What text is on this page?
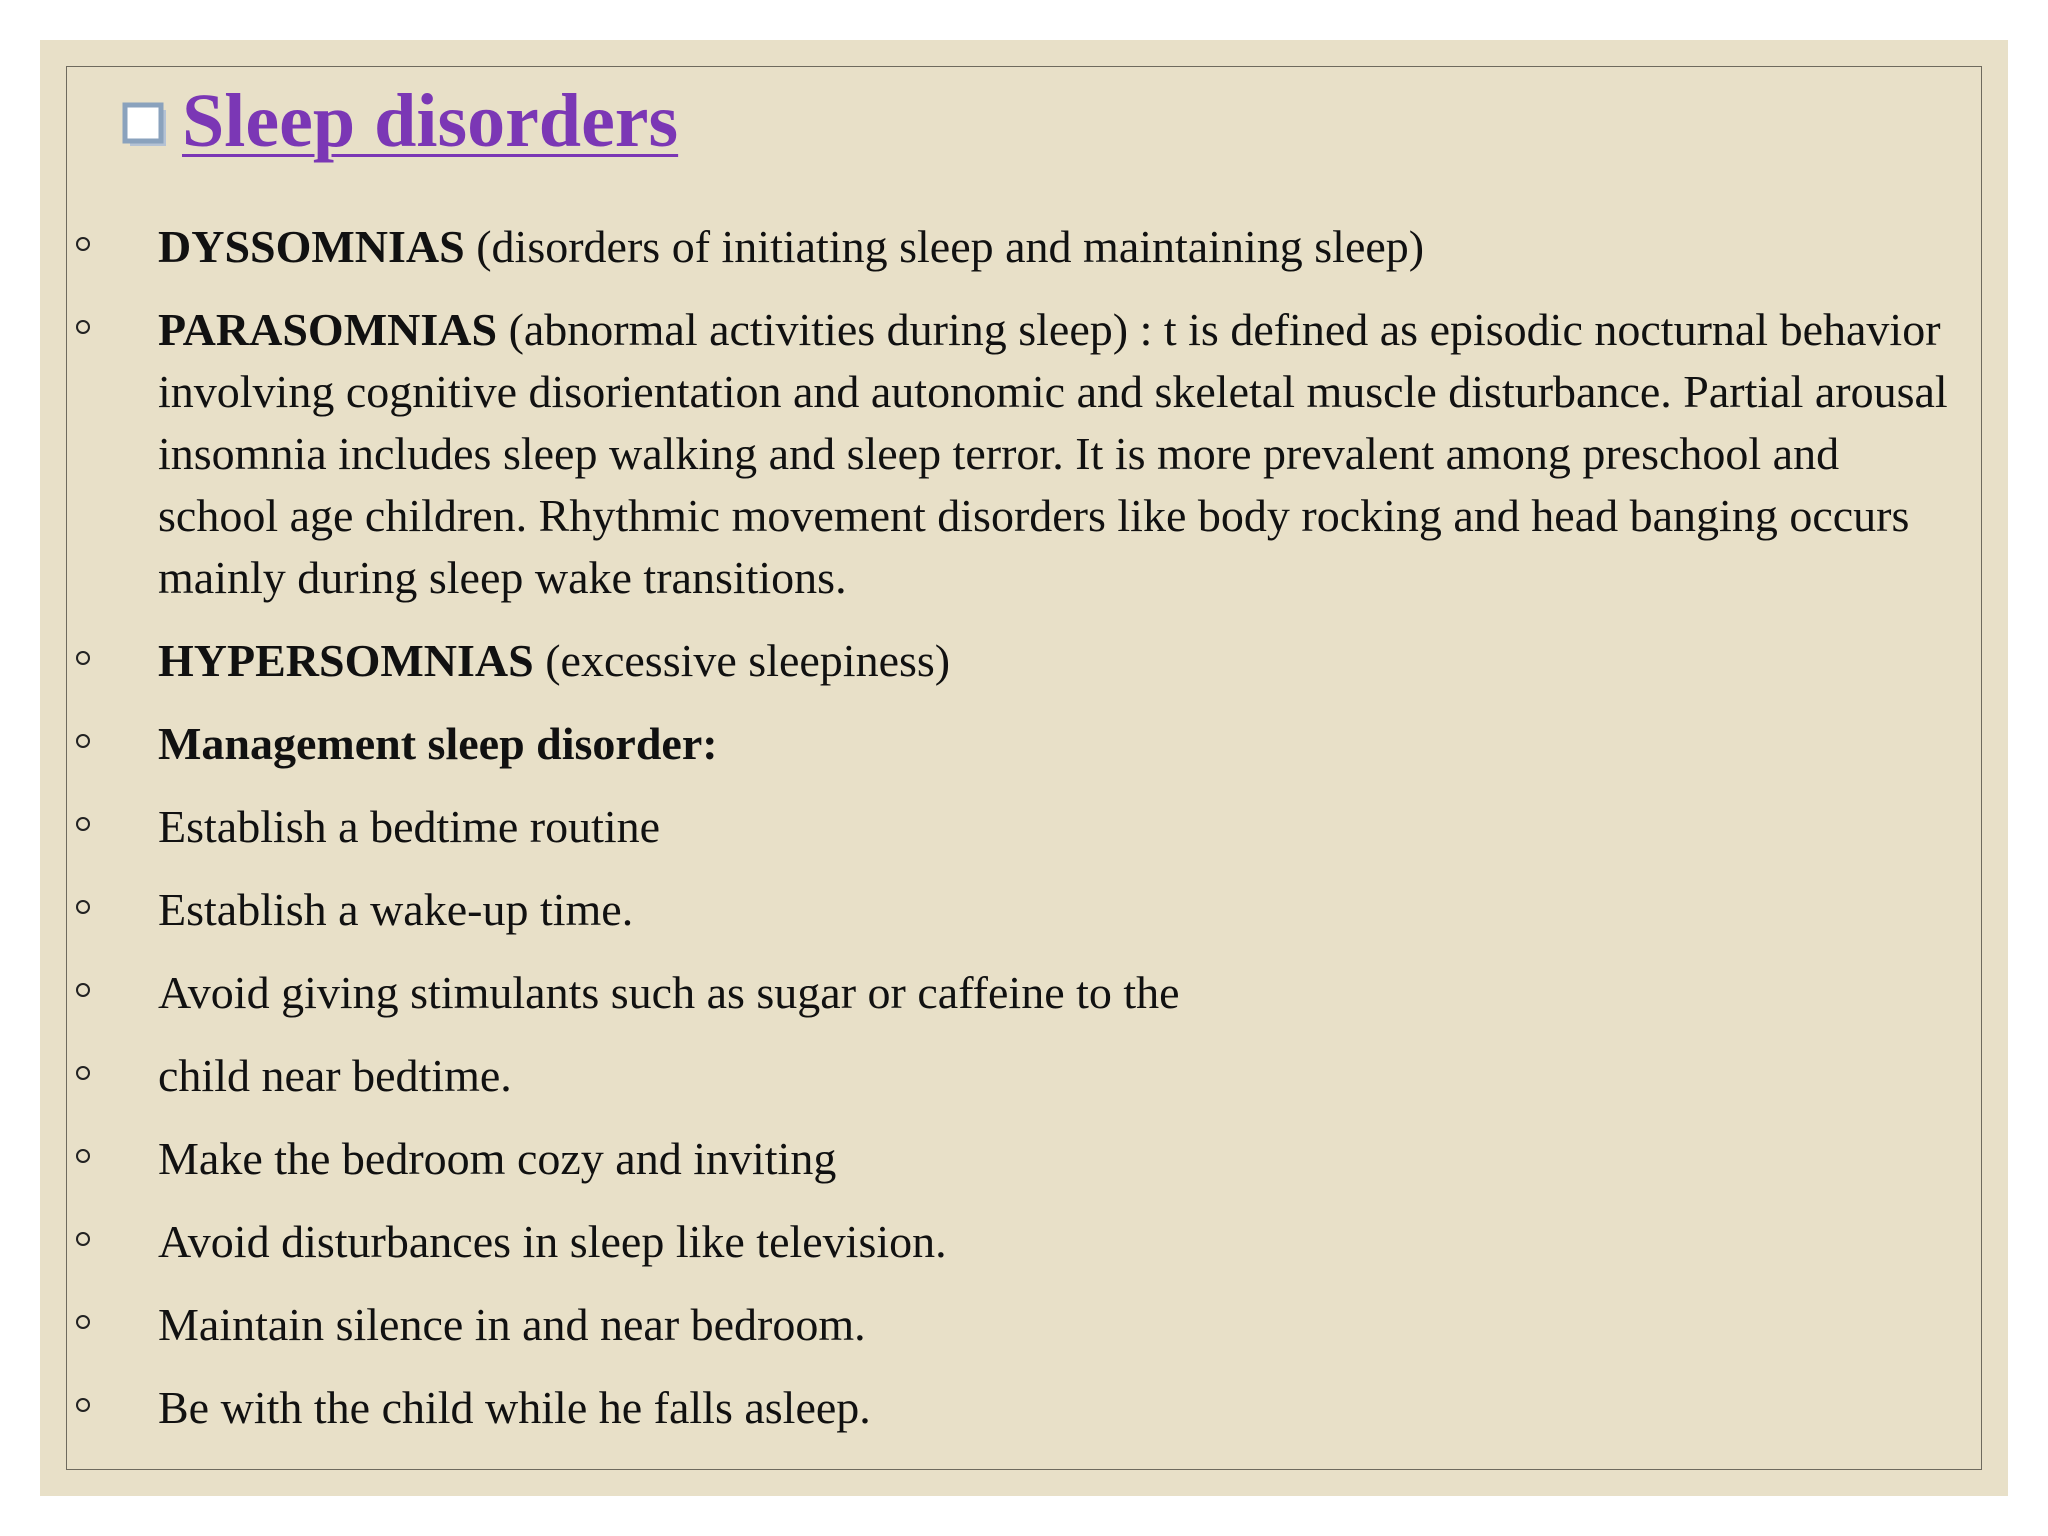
Sleep disorders
DYSSOMNIAS (disorders of initiating sleep and maintaining sleep)
PARASOMNIAS (abnormal activities during sleep) : t is defined as episodic nocturnal behavior involving cognitive disorientation and autonomic and skeletal muscle disturbance. Partial arousal insomnia includes sleep walking and sleep terror. It is more prevalent among preschool and school age children. Rhythmic movement disorders like body rocking and head banging occurs mainly during sleep wake transitions.
HYPERSOMNIAS (excessive sleepiness)
Management sleep disorder:
Establish a bedtime routine
Establish a wake-up time.
Avoid giving stimulants such as sugar or caffeine to the
child near bedtime.
Make the bedroom cozy and inviting
Avoid disturbances in sleep like television.
Maintain silence in and near bedroom.
Be with the child while he falls asleep.
